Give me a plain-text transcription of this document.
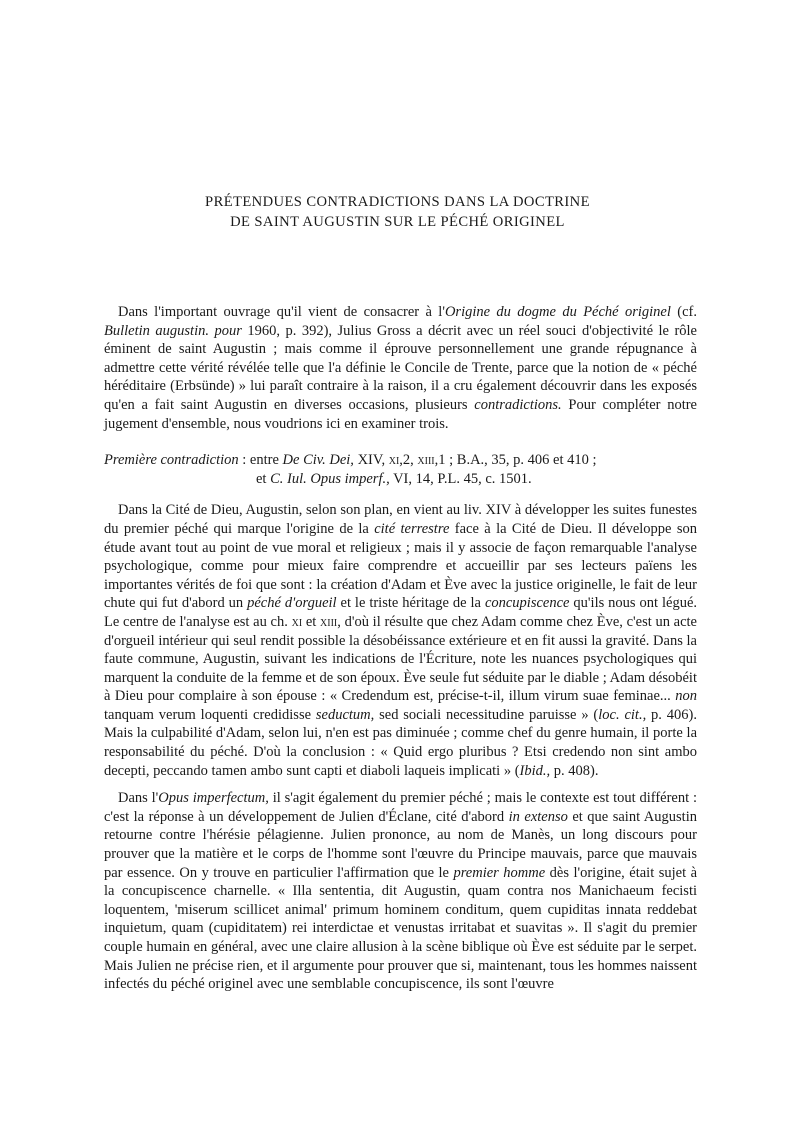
PRÉTENDUES CONTRADICTIONS DANS LA DOCTRINE
DE SAINT AUGUSTIN SUR LE PÉCHÉ ORIGINEL

Dans l'important ouvrage qu'il vient de consacrer à l'Origine du dogme du Péché originel (cf. Bulletin augustin. pour 1960, p. 392), Julius Gross a décrit avec un réel souci d'objectivité le rôle éminent de saint Augustin ; mais comme il éprouve personnellement une grande répugnance à admettre cette vérité révélée telle que l'a définie le Concile de Trente, parce que la notion de « péché héréditaire (Erbsünde) » lui paraît contraire à la raison, il a cru également découvrir dans les exposés qu'en a fait saint Augustin en diverses occasions, plusieurs contradictions. Pour compléter notre jugement d'ensemble, nous voudrions ici en examiner trois.

Première contradiction : entre De Civ. Dei, XIV, xi,2, xiii,1 ; B.A., 35, p. 406 et 410 ;
et C. Iul. Opus imperf., VI, 14, P.L. 45, c. 1501.

Dans la Cité de Dieu, Augustin, selon son plan, en vient au liv. XIV à développer les suites funestes du premier péché qui marque l'origine de la cité terrestre face à la Cité de Dieu. Il développe son étude avant tout au point de vue moral et religieux ; mais il y associe de façon remarquable l'analyse psychologique, comme pour mieux faire comprendre et accueillir par ses lecteurs païens les importantes vérités de foi que sont : la création d'Adam et Ève avec la justice originelle, le fait de leur chute qui fut d'abord un péché d'orgueil et le triste héritage de la concupiscence qu'ils nous ont légué. Le centre de l'analyse est au ch. xi et xiii, d'où il résulte que chez Adam comme chez Ève, c'est un acte d'orgueil intérieur qui seul rendit possible la désobéissance extérieure et en fit aussi la gravité. Dans la faute commune, Augustin, suivant les indications de l'Écriture, note les nuances psychologiques qui marquent la conduite de la femme et de son époux. Ève seule fut séduite par le diable ; Adam désobéit à Dieu pour complaire à son épouse : « Credendum est, précise-t-il, illum virum suae feminae... non tanquam verum loquenti credidisse seductum, sed sociali necessitudine paruisse » (loc. cit., p. 406). Mais la culpabilité d'Adam, selon lui, n'en est pas diminuée ; comme chef du genre humain, il porte la responsabilité du péché. D'où la conclusion : « Quid ergo pluribus ? Etsi credendo non sint ambo decepti, peccando tamen ambo sunt capti et diaboli laqueis implicati » (Ibid., p. 408).

Dans l'Opus imperfectum, il s'agit également du premier péché ; mais le contexte est tout différent : c'est la réponse à un développement de Julien d'Éclane, cité d'abord in extenso et que saint Augustin retourne contre l'hérésie pélagienne. Julien prononce, au nom de Manès, un long discours pour prouver que la matière et le corps de l'homme sont l'œuvre du Principe mauvais, parce que mauvais par essence. On y trouve en particulier l'affirmation que le premier homme dès l'origine, était sujet à la concupiscence charnelle. « Illa sententia, dit Augustin, quam contra nos Manichaeum fecisti loquentem, 'miserum scillicet animal' primum hominem conditum, quem cupiditas innata reddebat inquietum, quam (cupiditatem) rei interdictae et venustas irritabat et suavitas ». Il s'agit du premier couple humain en général, avec une claire allusion à la scène biblique où Ève est séduite par le serpet. Mais Julien ne précise rien, et il argumente pour prouver que si, maintenant, tous les hommes naissent infectés du péché originel avec une semblable concupiscence, ils sont l'œuvre
